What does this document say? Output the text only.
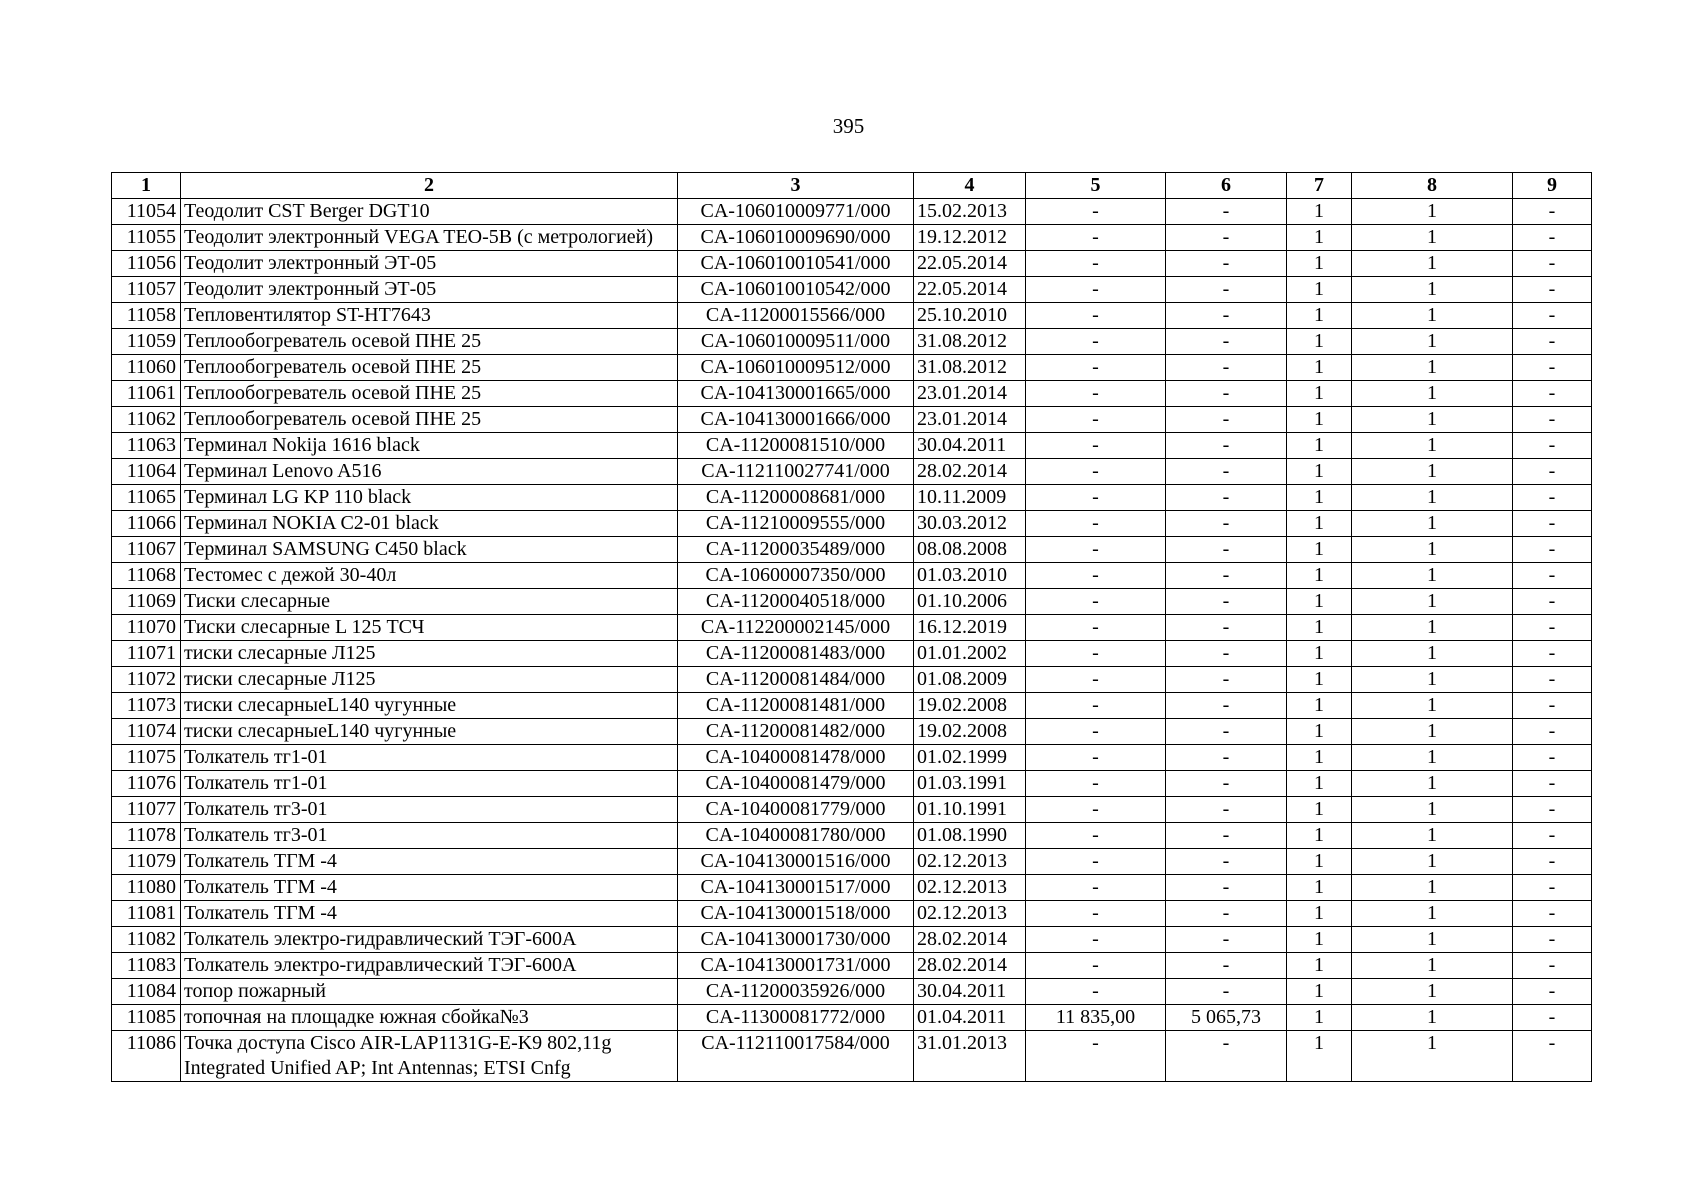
395
1	2	3	4	5	6	7	8	9
11054	Теодолит CST Berger DGT10	CA-106010009771/000	15.02.2013	-	-	1	1	-
11055	Теодолит электронный VEGA TEO-5B (с метрологией)	CA-106010009690/000	19.12.2012	-	-	1	1	-
11056	Теодолит электронный ЭТ-05	CA-106010010541/000	22.05.2014	-	-	1	1	-
11057	Теодолит электронный ЭТ-05	CA-106010010542/000	22.05.2014	-	-	1	1	-
11058	Тепловентилятор ST-HT7643	CA-11200015566/000	25.10.2010	-	-	1	1	-
11059	Теплообогреватель осевой ПНЕ 25	CA-106010009511/000	31.08.2012	-	-	1	1	-
11060	Теплообогреватель осевой ПНЕ 25	CA-106010009512/000	31.08.2012	-	-	1	1	-
11061	Теплообогреватель осевой ПНЕ 25	CA-104130001665/000	23.01.2014	-	-	1	1	-
11062	Теплообогреватель осевой ПНЕ 25	CA-104130001666/000	23.01.2014	-	-	1	1	-
11063	Терминал Nokija 1616 black	CA-11200081510/000	30.04.2011	-	-	1	1	-
11064	Терминал Lenovo A516	CA-112110027741/000	28.02.2014	-	-	1	1	-
11065	Терминал LG KP 110 black	CA-11200008681/000	10.11.2009	-	-	1	1	-
11066	Терминал NOKIA C2-01 black	CA-11210009555/000	30.03.2012	-	-	1	1	-
11067	Терминал SAMSUNG C450 black	CA-11200035489/000	08.08.2008	-	-	1	1	-
11068	Тестомес с дежой 30-40л	CA-10600007350/000	01.03.2010	-	-	1	1	-
11069	Тиски слесарные	CA-11200040518/000	01.10.2006	-	-	1	1	-
11070	Тиски слесарные L 125 ТСЧ	CA-112200002145/000	16.12.2019	-	-	1	1	-
11071	тиски слесарные Л125	CA-11200081483/000	01.01.2002	-	-	1	1	-
11072	тиски слесарные Л125	CA-11200081484/000	01.08.2009	-	-	1	1	-
11073	тиски слесарныеL140 чугунные	CA-11200081481/000	19.02.2008	-	-	1	1	-
11074	тиски слесарныеL140 чугунные	CA-11200081482/000	19.02.2008	-	-	1	1	-
11075	Толкатель тг1-01	CA-10400081478/000	01.02.1999	-	-	1	1	-
11076	Толкатель тг1-01	CA-10400081479/000	01.03.1991	-	-	1	1	-
11077	Толкатель тг3-01	CA-10400081779/000	01.10.1991	-	-	1	1	-
11078	Толкатель тг3-01	CA-10400081780/000	01.08.1990	-	-	1	1	-
11079	Толкатель ТГМ -4	CA-104130001516/000	02.12.2013	-	-	1	1	-
11080	Толкатель ТГМ -4	CA-104130001517/000	02.12.2013	-	-	1	1	-
11081	Толкатель ТГМ -4	CA-104130001518/000	02.12.2013	-	-	1	1	-
11082	Толкатель электро-гидравлический ТЭГ-600А	CA-104130001730/000	28.02.2014	-	-	1	1	-
11083	Толкатель электро-гидравлический ТЭГ-600А	CA-104130001731/000	28.02.2014	-	-	1	1	-
11084	топор пожарный	CA-11200035926/000	30.04.2011	-	-	1	1	-
11085	топочная на площадке южная сбойка№3	CA-11300081772/000	01.04.2011	11 835,00	5 065,73	1	1	-
11086	Точка доступа Cisco AIR-LAP1131G-E-K9 802,11g Integrated Unified AP; Int Antennas; ETSI Cnfg	CA-112110017584/000	31.01.2013	-	-	1	1	-
